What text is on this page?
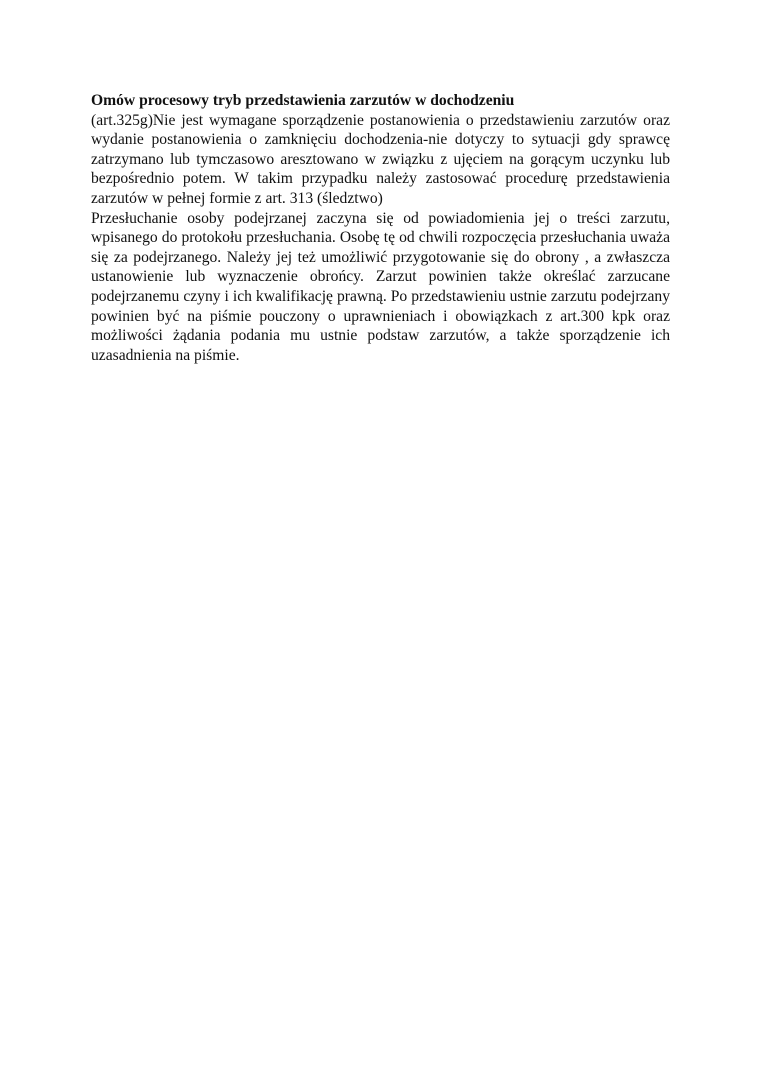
Omów procesowy tryb przedstawienia zarzutów w dochodzeniu

(art.325g)Nie jest wymagane sporządzenie postanowienia o przedstawieniu zarzutów oraz wydanie postanowienia o zamknięciu dochodzenia-nie dotyczy to sytuacji gdy sprawcę zatrzymano lub tymczasowo aresztowano w związku z ujęciem na gorącym uczynku lub bezpośrednio potem. W takim przypadku należy zastosować procedurę przedstawienia zarzutów w pełnej formie z art. 313 (śledztwo)

Przesłuchanie osoby podejrzanej zaczyna się od powiadomienia jej o treści zarzutu, wpisanego do protokołu przesłuchania. Osobę tę od chwili rozpoczęcia przesłuchania uważa się za podejrzanego. Należy jej też umożliwić przygotowanie się do obrony , a zwłaszcza ustanowienie lub wyznaczenie obrońcy. Zarzut powinien także określać zarzucane podejrzanemu czyny i ich kwalifikację prawną. Po przedstawieniu ustnie zarzutu podejrzany powinien być na piśmie pouczony o uprawnieniach i obowiązkach z art.300 kpk oraz możliwości żądania podania mu ustnie podstaw zarzutów, a także sporządzenie ich uzasadnienia na piśmie.
